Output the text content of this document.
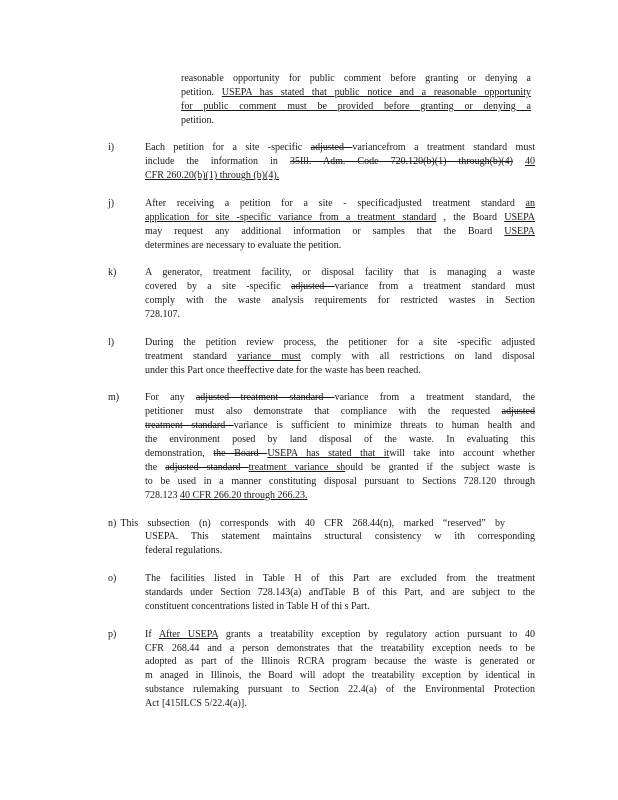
reasonable opportunity for public comment before granting or denying a
petition. USEPA has stated that public notice and a reasonable opportunity
for public comment must be provided before granting or denying a
petition.
i)	Each petition for a site -specific adjusted variancefrom a treatment standard must
include the information in 35Ill. Adm. Code 720.120(b)(1) through(b)(4) 40
CFR 260.20(b)(1) through (b)(4).
j)	After receiving a petition for a site - specificadjusted treatment standard an
application for site -specific variance from a treatment standard , the Board USEPA
may request any additional information or samples that the Board USEPA
determines are necessary to evaluate the petition.
k)	A generator, treatment facility, or disposal facility that is managing a waste
covered by a site -specific adjusted variance from a treatment standard must
comply with the waste analysis requirements for restricted wastes in Section
728.107.
l)	During the petition review process, the petitioner for a site -specific adjusted
treatment standard variance must comply with all restrictions on land disposal
under this Part once theeffective date for the waste has been reached.
m)	For any adjusted treatment standard variance from a treatment standard, the
petitioner must also demonstrate that compliance with the requested adjusted
treatment standard variance is sufficient to minimize threats to human health and
the environment posed by land disposal of the waste. In evaluating this
demonstration, the Board USEPA has stated that itwill take into account whether
the adjusted standard treatment variance should be granted if the subject waste is
to be used in a manner constituting disposal pursuant to Sections 728.120 through
728.123 40 CFR 266.20 through 266.23.
n) This subsection (n) corresponds with 40 CFR 268.44(n), marked “reserved” by
USEPA. This statement maintains structural consistency w ith corresponding
federal regulations.
o)	The facilities listed in Table H of this Part are excluded from the treatment
standards under Section 728.143(a) andTable B of this Part, and are subject to the
constituent concentrations listed in Table H of thi s Part.
p)	If After USEPA grants a treatability exception by regulatory action pursuant to 40
CFR 268.44 and a person demonstrates that the treatability exception needs to be
adopted as part of the Illinois RCRA program because the waste is generated or
m anaged in Illinois, the Board will adopt the treatability exception by identical in
substance rulemaking pursuant to Section 22.4(a) of the Environmental Protection
Act [415ILCS 5/22.4(a)].
